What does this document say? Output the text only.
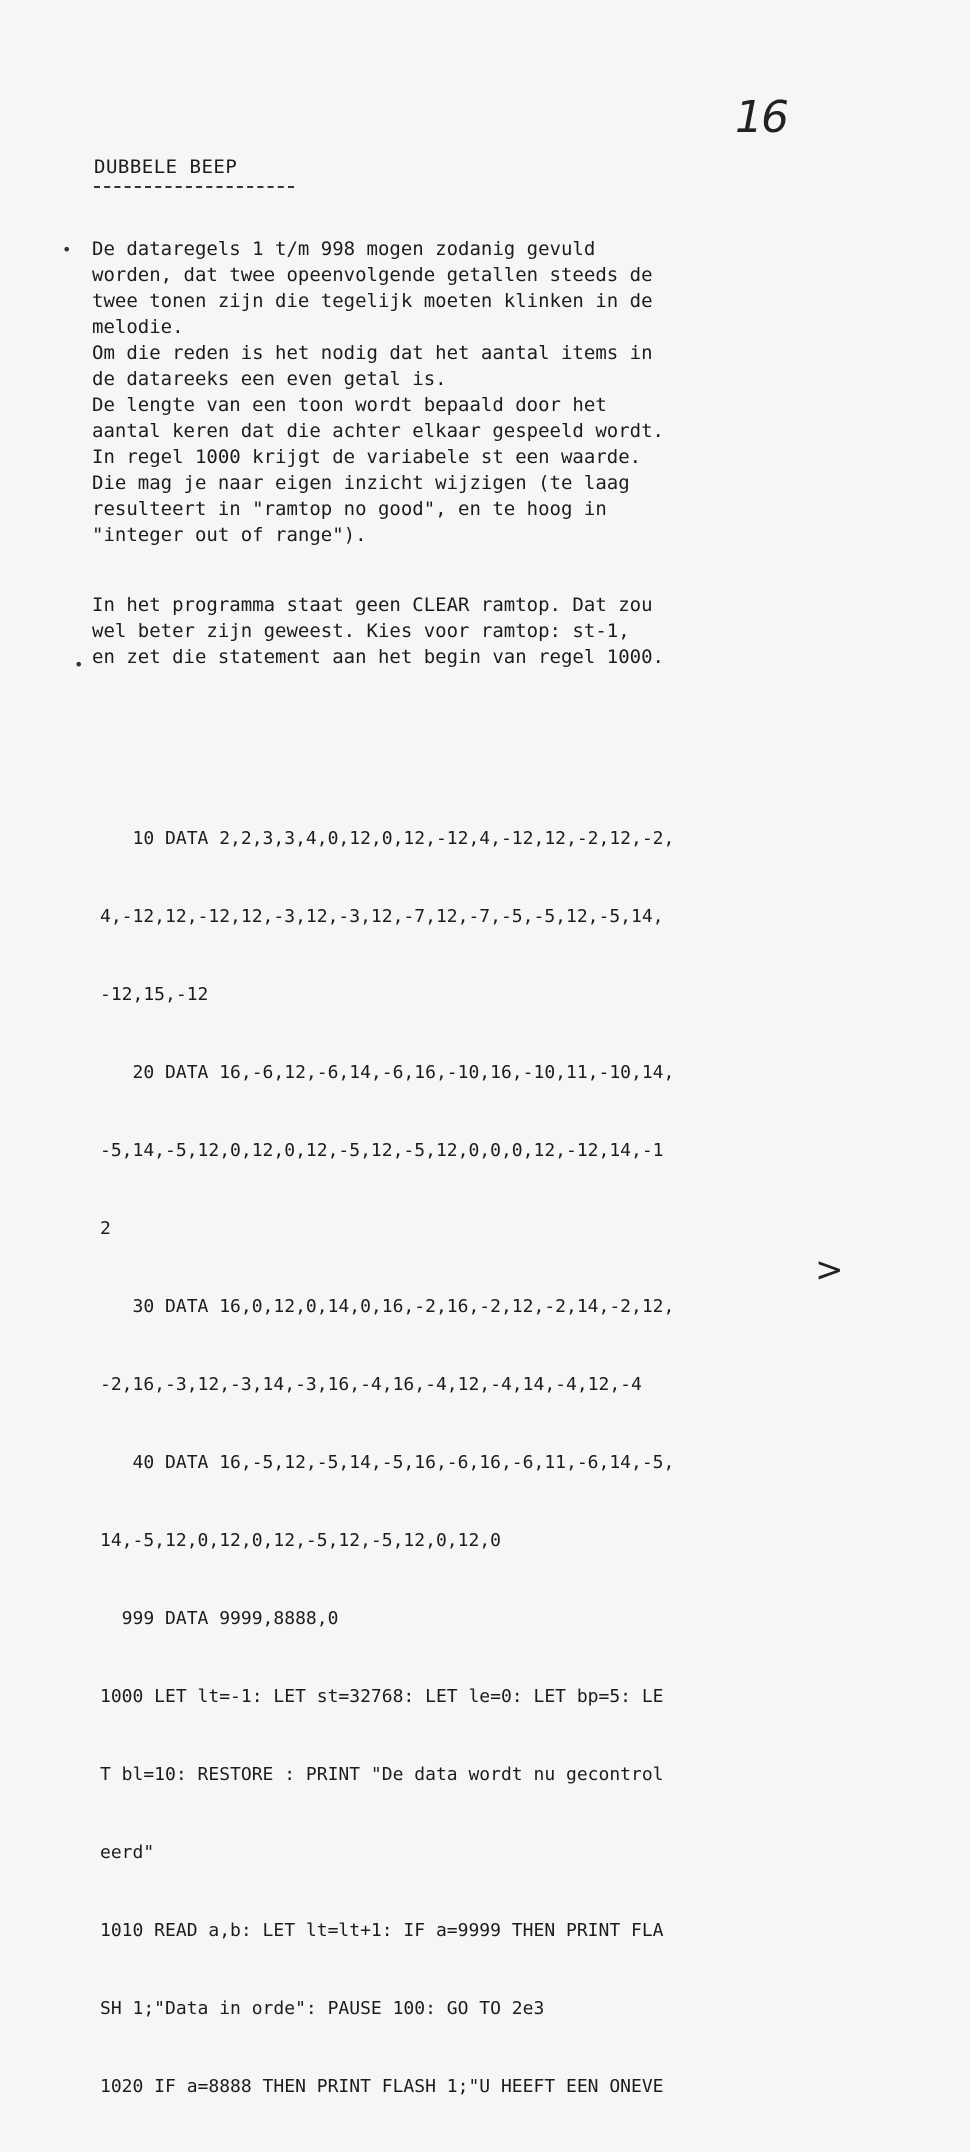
16
DUBBELE BEEP
•
•
De dataregels 1 t/m 998 mogen zodanig gevuld
worden, dat twee opeenvolgende getallen steeds de
twee tonen zijn die tegelijk moeten klinken in de
melodie.
Om die reden is het nodig dat het aantal items in
de datareeks een even getal is.
De lengte van een toon wordt bepaald door het
aantal keren dat die achter elkaar gespeeld wordt.
In regel 1000 krijgt de variabele st een waarde.
Die mag je naar eigen inzicht wijzigen (te laag
resulteert in "ramtop no good", en te hoog in
"integer out of range").
In het programma staat geen CLEAR ramtop. Dat zou
wel beter zijn geweest. Kies voor ramtop: st-1,
en zet die statement aan het begin van regel 1000.

10 DATA 2,2,3,3,4,0,12,0,12,-12,4,-12,12,-2,12,-2,

4,-12,12,-12,12,-3,12,-3,12,-7,12,-7,-5,-5,12,-5,14,

-12,15,-12

20 DATA 16,-6,12,-6,14,-6,16,-10,16,-10,11,-10,14,

-5,14,-5,12,0,12,0,12,-5,12,-5,12,0,0,0,12,-12,14,-1

2

30 DATA 16,0,12,0,14,0,16,-2,16,-2,12,-2,14,-2,12,

-2,16,-3,12,-3,14,-3,16,-4,16,-4,12,-4,14,-4,12,-4

40 DATA 16,-5,12,-5,14,-5,16,-6,16,-6,11,-6,14,-5,

14,-5,12,0,12,0,12,-5,12,-5,12,0,12,0

999 DATA 9999,8888,0

1000 LET lt=-1: LET st=32768: LET le=0: LET bp=5: LE

T bl=10: RESTORE : PRINT "De data wordt nu gecontrol

eerd"

1010 READ a,b: LET lt=lt+1: IF a=9999 THEN PRINT FLA

SH 1;"Data in orde": PAUSE 100: GO TO 2e3

1020 IF a=8888 THEN PRINT FLASH 1;"U HEEFT EEN ONEVE

>
